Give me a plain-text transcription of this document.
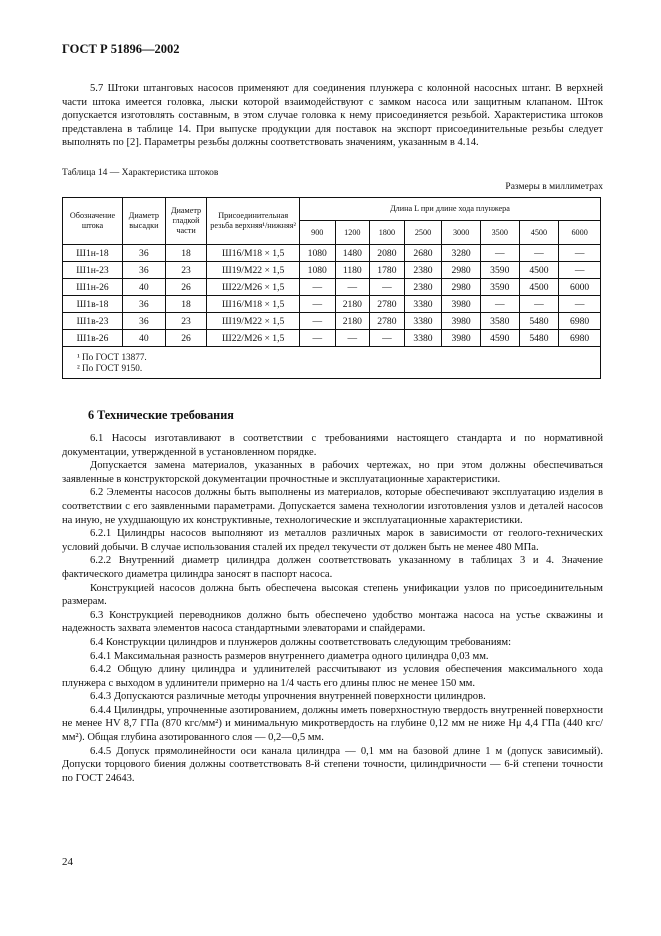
ГОСТ Р 51896—2002

5.7 Штоки штанговых насосов применяют для соединения плунжера с колонной насосных штанг. В верхней части штока имеется головка, лыски которой взаимодействуют с замком насоса или защитным клапаном. Шток допускается изготовлять составным, в этом случае головка к нему присоединяется резьбой. Характеристика штоков представлена в таблице 14. При выпуске продукции для поставок на экспорт присоединительные резьбы следует выполнять по [2]. Параметры резьбы должны соответствовать значениям, указанным в 4.14.

Таблица 14 — Характеристика штоков
Размеры в миллиметрах
Обозначение штока	Диаметр высадки	Диаметр гладкой части	Присоединительная резьба верхняя¹/нижняя²	Длина L при длине хода плунжера							
				900	1200	1800	2500	3000	3500	4500	6000
Ш1н-18	36	18	Ш16/М18 × 1,5	1080	1480	2080	2680	3280	—	—	—
Ш1н-23	36	23	Ш19/М22 × 1,5	1080	1180	1780	2380	2980	3590	4500	—
Ш1н-26	40	26	Ш22/М26 × 1,5	—	—	—	2380	2980	3590	4500	6000
Ш1в-18	36	18	Ш16/М18 × 1,5	—	2180	2780	3380	3980	—	—	—
Ш1в-23	36	23	Ш19/М22 × 1,5	—	2180	2780	3380	3980	3580	5480	6980
Ш1в-26	40	26	Ш22/М26 × 1,5	—	—	—	3380	3980	4590	5480	6980

¹ По ГОСТ 13877.
² По ГОСТ 9150.											
6 Технические требования

6.1 Насосы изготавливают в соответствии с требованиями настоящего стандарта и по нормативной документации, утвержденной в установленном порядке.

Допускается замена материалов, указанных в рабочих чертежах, но при этом должны обеспечиваться заявленные в конструкторской документации прочностные и эксплуатационные характеристики.

6.2 Элементы насосов должны быть выполнены из материалов, которые обеспечивают эксплуатацию изделия в соответствии с его заявленными параметрами. Допускается замена технологии изготовления узлов и деталей насосов на иную, не ухудшающую их конструктивные, технологические и эксплуатационные характеристики.

6.2.1 Цилиндры насосов выполняют из металлов различных марок в зависимости от геолого-технических условий добычи. В случае использования сталей их предел текучести σт должен быть не менее 480 МПа.

6.2.2 Внутренний диаметр цилиндра должен соответствовать указанному в таблицах 3 и 4. Значение фактического диаметра цилиндра заносят в паспорт насоса.

Конструкцией насосов должна быть обеспечена высокая степень унификации узлов по присоединительным размерам.

6.3 Конструкцией переводников должно быть обеспечено удобство монтажа насоса на устье скважины и надежность захвата элементов насоса стандартными элеваторами и спайдерами.

6.4 Конструкции цилиндров и плунжеров должны соответствовать следующим требованиям:

6.4.1 Максимальная разность размеров внутреннего диаметра одного цилиндра 0,03 мм.

6.4.2 Общую длину цилиндра и удлинителей рассчитывают из условия обеспечения максимального хода плунжера с выходом в удлинители примерно на 1/4 часть его длины плюс не менее 150 мм.

6.4.3 Допускаются различные методы упрочнения внутренней поверхности цилиндров.

6.4.4 Цилиндры, упрочненные азотированием, должны иметь поверхностную твердость внутренней поверхности не менее HV 8,7 ГПа (870 кгс/мм²) и минимальную микротвердость на глубине 0,12 мм не ниже Hμ 4,4 ГПа (440 кгс/мм²). Общая глубина азотированного слоя — 0,2—0,5 мм.

6.4.5 Допуск прямолинейности оси канала цилиндра — 0,1 мм на базовой длине 1 м (допуск зависимый). Допуски торцового биения должны соответствовать 8-й степени точности, цилиндричности — 6-й степени точности по ГОСТ 24643.

24
